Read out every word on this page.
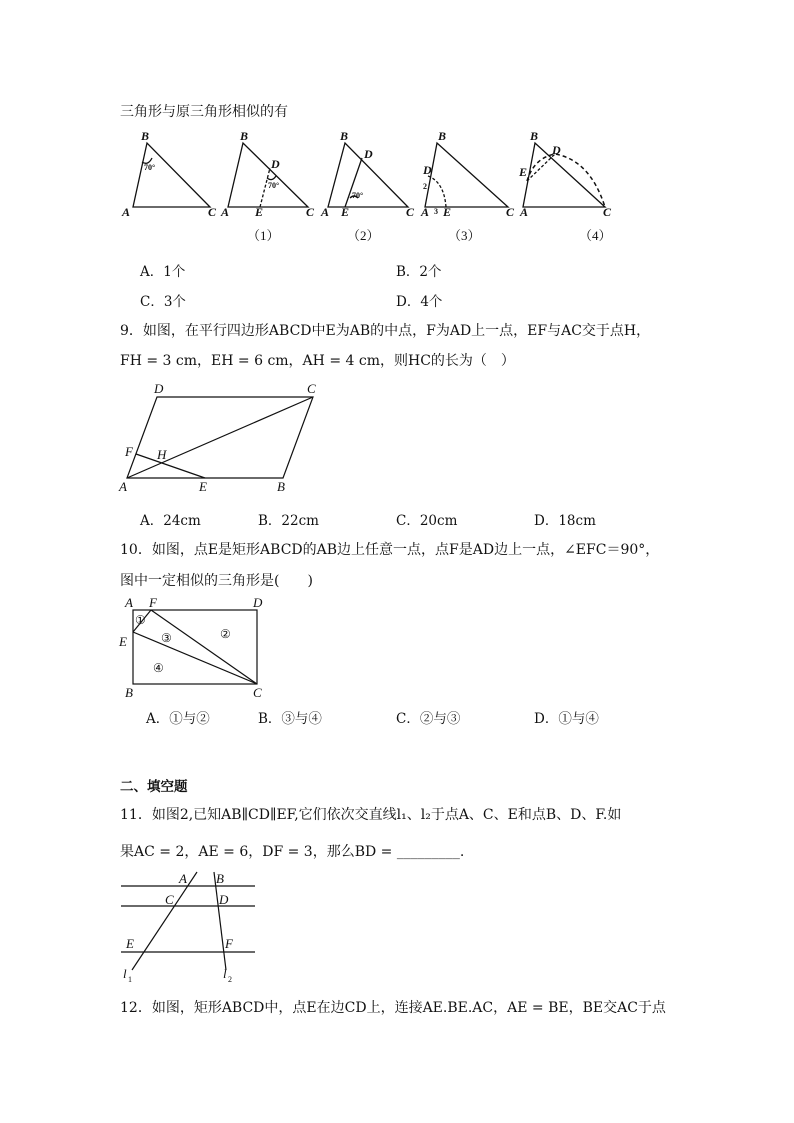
三角形与原三角形相似的有
B
A	C
70°
B
A	C
D
E
70°
B
A	C
D
E
70°
B
A	C
D
E
2
3
B
A	C
D
E
（1）	（2）	（3）	（4）
A．1个	B．2个
C．3个	D．4个
9．如图，在平行四边形ABCD中E为AB的中点，F为AD上一点，EF与AC交于点H，
FH = 3 cm，EH = 6 cm，AH = 4 cm，则HC的长为（　）
D	C
F H
A	E	B
A．24cm	B．22cm	C．20cm	D．18cm
10．如图，点E是矩形ABCD的AB边上任意一点，点F是AD边上一点，∠EFC＝90°，
图中一定相似的三角形是(　　)
A F	D
E
B	C
①
②
③
④
A．①与②	B．③与④	C．②与③	D．①与④
二、填空题
11．如图2,已知AB∥CD∥EF,它们依次交直线l₁、l₂于点A、C、E和点B、D、F.如
果AC = 2，AE = 6，DF = 3，那么BD = _________.
A B
C	D
E	F
l 1	l 2
12．如图，矩形ABCD中，点E在边CD上，连接AE.BE.AC，AE = BE，BE交AC于点
